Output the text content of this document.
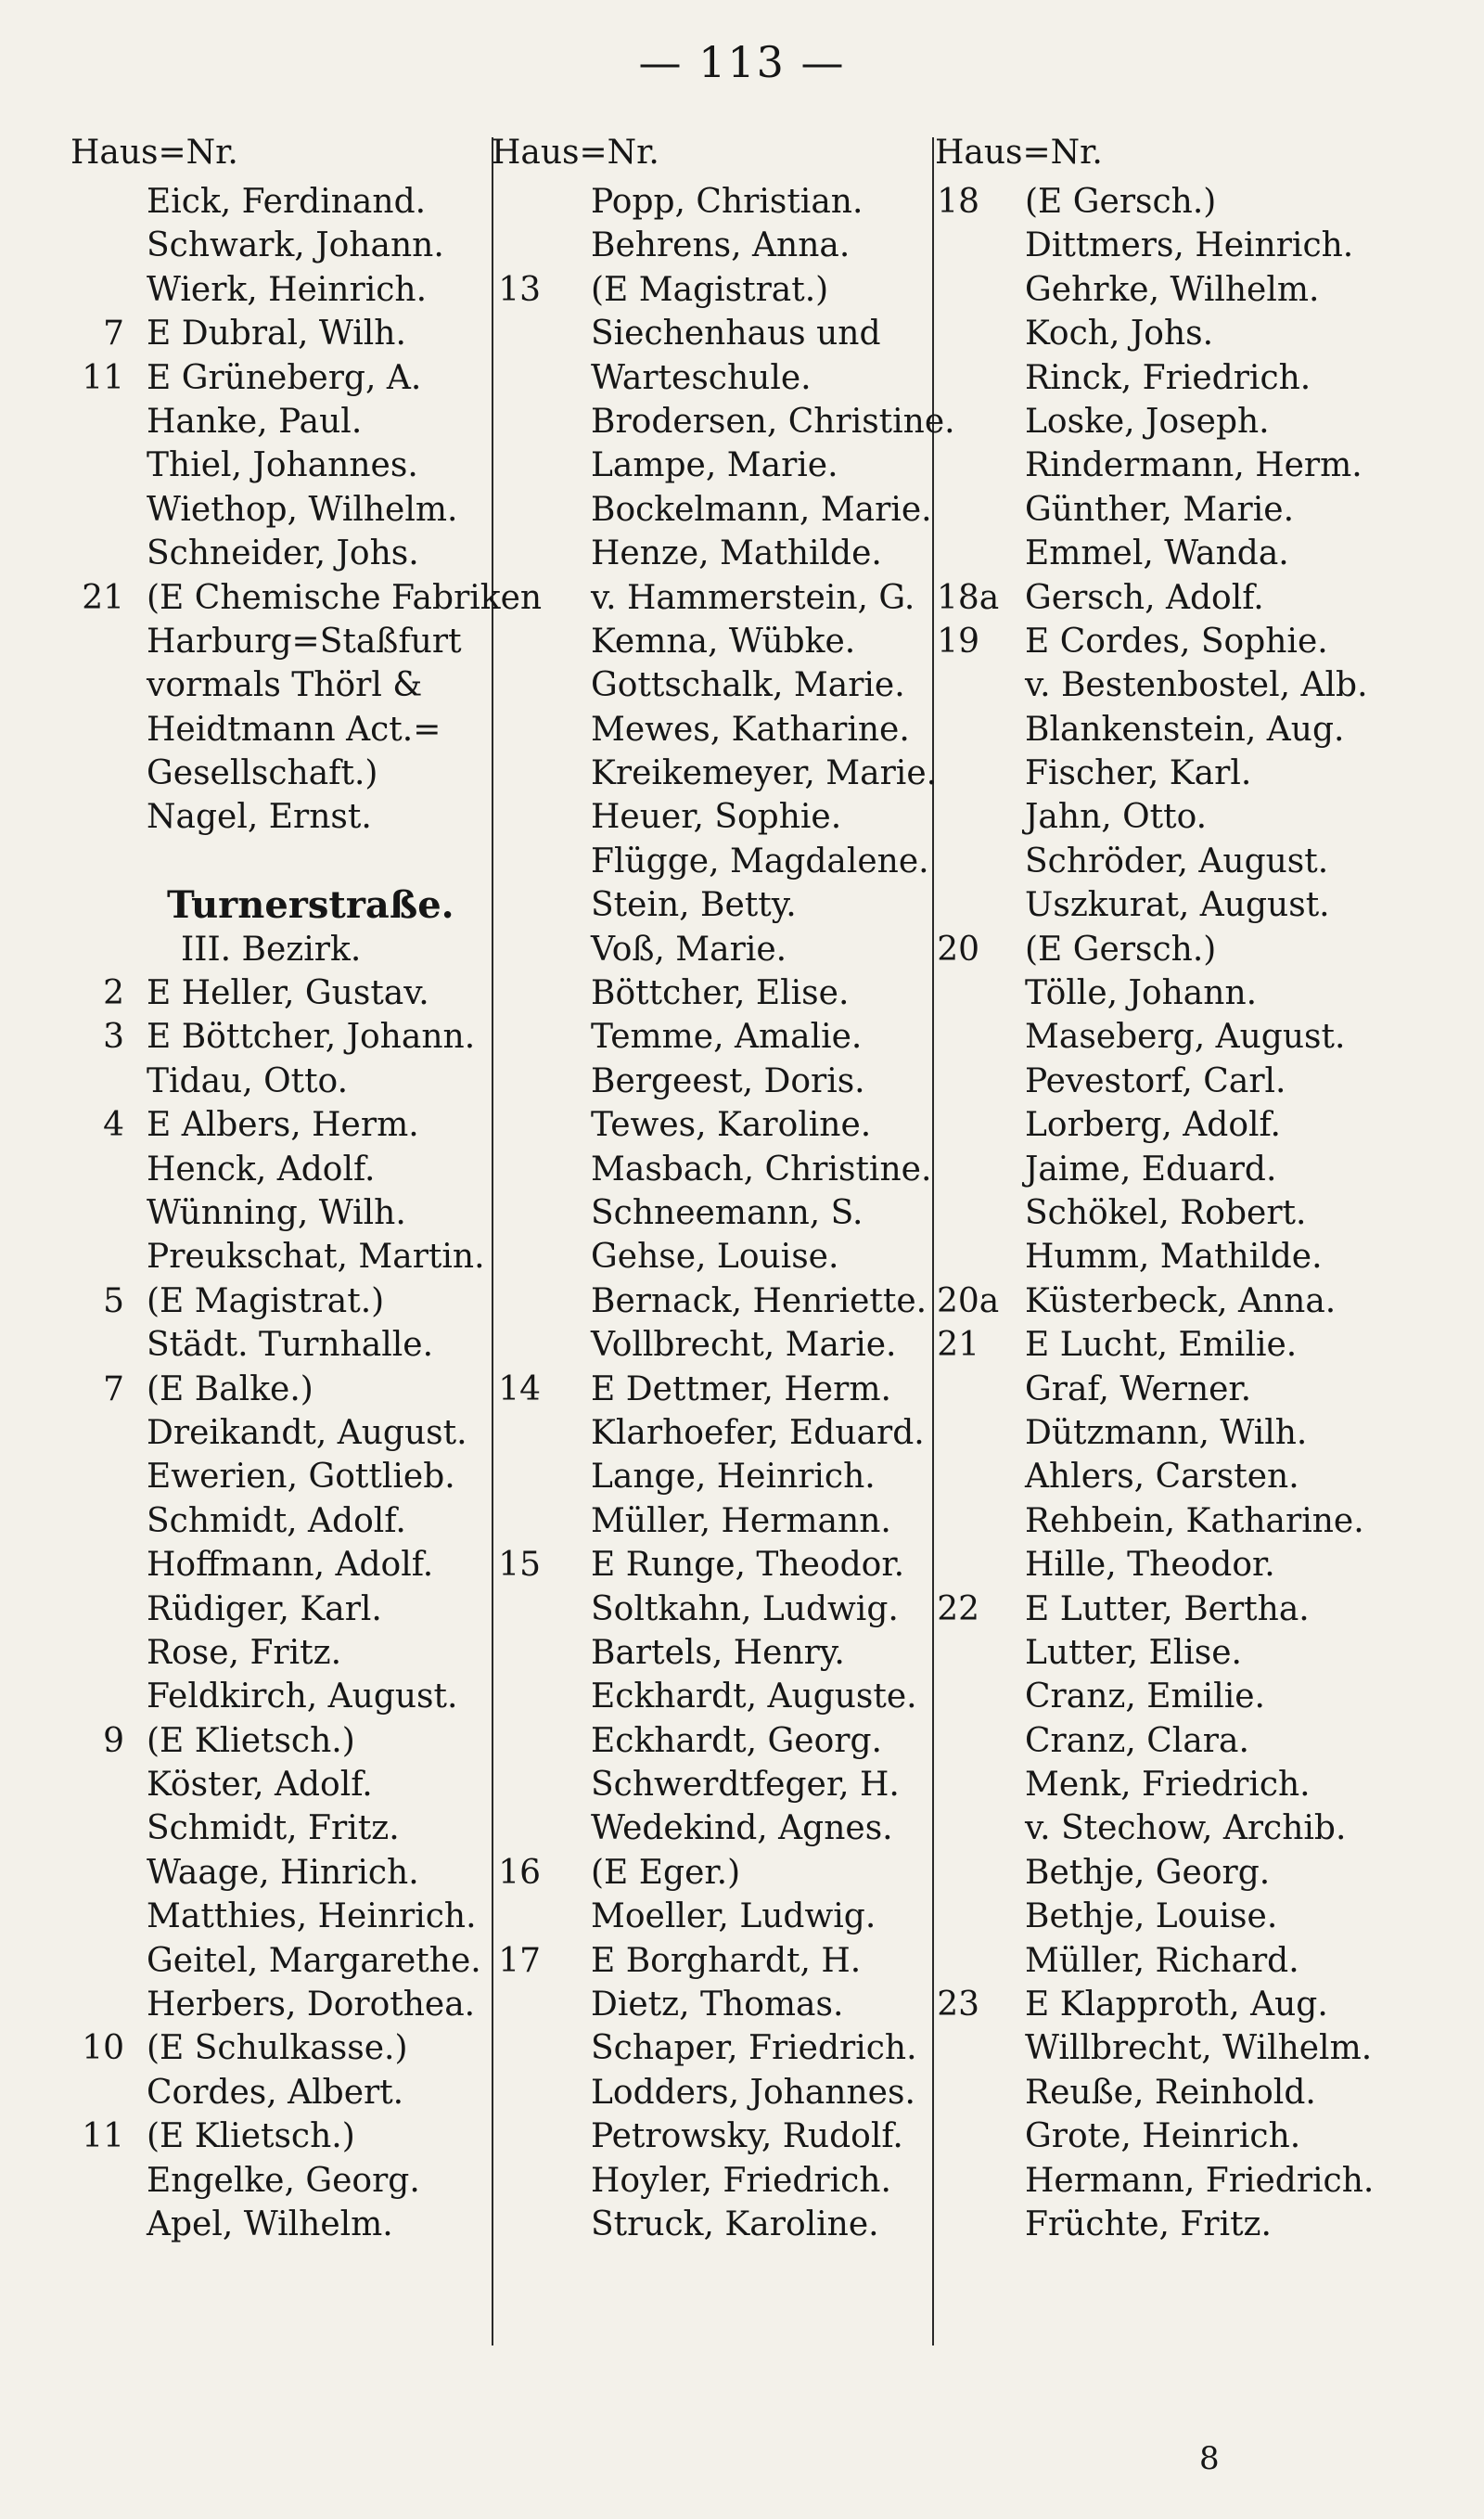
— 113 —
Haus=Nr.
Eick, Ferdinand.
Schwark, Johann.
Wierk, Heinrich.
7 E Dubral, Wilh.
11 E Grüneberg, A.
Hanke, Paul.
Thiel, Johannes.
Wiethop, Wilhelm.
Schneider, Johs.
21 (E Chemische Fabriken
Harburg=Staßfurt
vormals Thörl &
Heidtmann Act.=
Gesellschaft.)
Nagel, Ernst.
Turnerstraße.
III. Bezirk.
2 E Heller, Gustav.
3 E Böttcher, Johann.
Tidau, Otto.
4 E Albers, Herm.
Henck, Adolf.
Wünning, Wilh.
Preukschat, Martin.
5 (E Magistrat.)
Städt. Turnhalle.
7 (E Balke.)
Dreikandt, August.
Ewerien, Gottlieb.
Schmidt, Adolf.
Hoffmann, Adolf.
Rüdiger, Karl.
Rose, Fritz.
Feldkirch, August.
9 (E Klietsch.)
Köster, Adolf.
Schmidt, Fritz.
Waage, Hinrich.
Matthies, Heinrich.
Geitel, Margarethe.
Herbers, Dorothea.
10 (E Schulkasse.)
Cordes, Albert.
11 (E Klietsch.)
Engelke, Georg.
Apel, Wilhelm.
Haus=Nr.
Popp, Christian.
Behrens, Anna.
13 (E Magistrat.)
Siechenhaus und
Warteschule.
Brodersen, Christine.
Lampe, Marie.
Bockelmann, Marie.
Henze, Mathilde.
v. Hammerstein, G.
Kemna, Wübke.
Gottschalk, Marie.
Mewes, Katharine.
Kreikemeyer, Marie.
Heuer, Sophie.
Flügge, Magdalene.
Stein, Betty.
Voß, Marie.
Böttcher, Elise.
Temme, Amalie.
Bergeest, Doris.
Tewes, Karoline.
Masbach, Christine.
Schneemann, S.
Gehse, Louise.
Bernack, Henriette.
Vollbrecht, Marie.
14 E Dettmer, Herm.
Klarhoefer, Eduard.
Lange, Heinrich.
Müller, Hermann.
15 E Runge, Theodor.
Soltkahn, Ludwig.
Bartels, Henry.
Eckhardt, Auguste.
Eckhardt, Georg.
Schwerdtfeger, H.
Wedekind, Agnes.
16 (E Eger.)
Moeller, Ludwig.
17 E Borghardt, H.
Dietz, Thomas.
Schaper, Friedrich.
Lodders, Johannes.
Petrowsky, Rudolf.
Hoyler, Friedrich.
Struck, Karoline.
Haus=Nr.
18 (E Gersch.)
Dittmers, Heinrich.
Gehrke, Wilhelm.
Koch, Johs.
Rinck, Friedrich.
Loske, Joseph.
Rindermann, Herm.
Günther, Marie.
Emmel, Wanda.
18a Gersch, Adolf.
19 E Cordes, Sophie.
v. Bestenbostel, Alb.
Blankenstein, Aug.
Fischer, Karl.
Jahn, Otto.
Schröder, August.
Uszkurat, August.
20 (E Gersch.)
Tölle, Johann.
Maseberg, August.
Pevestorf, Carl.
Lorberg, Adolf.
Jaime, Eduard.
Schökel, Robert.
Humm, Mathilde.
20a Küsterbeck, Anna.
21 E Lucht, Emilie.
Graf, Werner.
Dützmann, Wilh.
Ahlers, Carsten.
Rehbein, Katharine.
Hille, Theodor.
22 E Lutter, Bertha.
Lutter, Elise.
Cranz, Emilie.
Cranz, Clara.
Menk, Friedrich.
v. Stechow, Archib.
Bethje, Georg.
Bethje, Louise.
Müller, Richard.
23 E Klapproth, Aug.
Willbrecht, Wilhelm.
Reuße, Reinhold.
Grote, Heinrich.
Hermann, Friedrich.
Früchte, Fritz.
8
